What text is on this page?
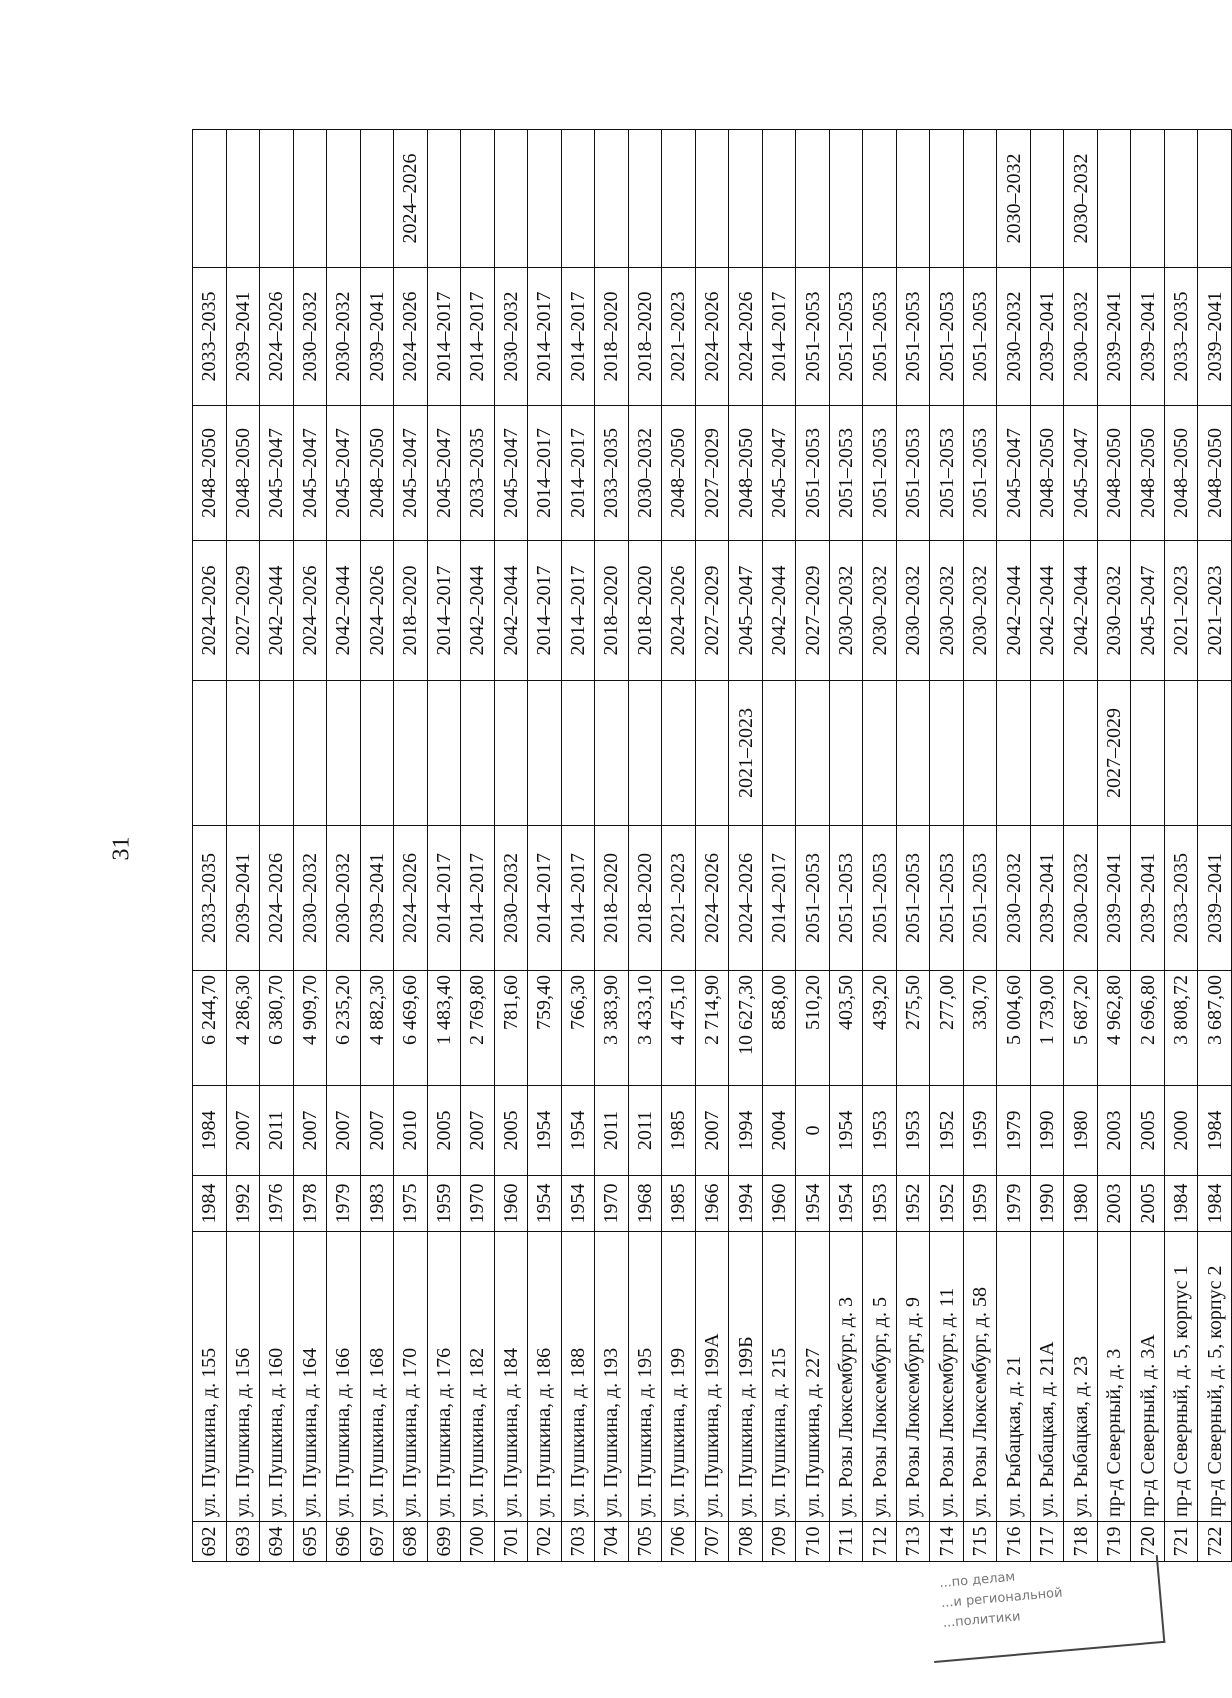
31
692	ул. Пушкина, д. 155	1984	1984	6 244,70	2033–2035		2024–2026	2048–2050	2033–2035	
693	ул. Пушкина, д. 156	1992	2007	4 286,30	2039–2041		2027–2029	2048–2050	2039–2041	
694	ул. Пушкина, д. 160	1976	2011	6 380,70	2024–2026		2042–2044	2045–2047	2024–2026	
695	ул. Пушкина, д. 164	1978	2007	4 909,70	2030–2032		2024–2026	2045–2047	2030–2032	
696	ул. Пушкина, д. 166	1979	2007	6 235,20	2030–2032		2042–2044	2045–2047	2030–2032	
697	ул. Пушкина, д. 168	1983	2007	4 882,30	2039–2041		2024–2026	2048–2050	2039–2041	
698	ул. Пушкина, д. 170	1975	2010	6 469,60	2024–2026		2018–2020	2045–2047	2024–2026	2024–2026
699	ул. Пушкина, д. 176	1959	2005	1 483,40	2014–2017		2014–2017	2045–2047	2014–2017	
700	ул. Пушкина, д. 182	1970	2007	2 769,80	2014–2017		2042–2044	2033–2035	2014–2017	
701	ул. Пушкина, д. 184	1960	2005	781,60	2030–2032		2042–2044	2045–2047	2030–2032	
702	ул. Пушкина, д. 186	1954	1954	759,40	2014–2017		2014–2017	2014–2017	2014–2017	
703	ул. Пушкина, д. 188	1954	1954	766,30	2014–2017		2014–2017	2014–2017	2014–2017	
704	ул. Пушкина, д. 193	1970	2011	3 383,90	2018–2020		2018–2020	2033–2035	2018–2020	
705	ул. Пушкина, д. 195	1968	2011	3 433,10	2018–2020		2018–2020	2030–2032	2018–2020	
706	ул. Пушкина, д. 199	1985	1985	4 475,10	2021–2023		2024–2026	2048–2050	2021–2023	
707	ул. Пушкина, д. 199А	1966	2007	2 714,90	2024–2026		2027–2029	2027–2029	2024–2026	
708	ул. Пушкина, д. 199Б	1994	1994	10 627,30	2024–2026	2021–2023	2045–2047	2048–2050	2024–2026	
709	ул. Пушкина, д. 215	1960	2004	858,00	2014–2017		2042–2044	2045–2047	2014–2017	
710	ул. Пушкина, д. 227	1954	0	510,20	2051–2053		2027–2029	2051–2053	2051–2053	
711	ул. Розы Люксембург, д. 3	1954	1954	403,50	2051–2053		2030–2032	2051–2053	2051–2053	
712	ул. Розы Люксембург, д. 5	1953	1953	439,20	2051–2053		2030–2032	2051–2053	2051–2053	
713	ул. Розы Люксембург, д. 9	1952	1953	275,50	2051–2053		2030–2032	2051–2053	2051–2053	
714	ул. Розы Люксембург, д. 11	1952	1952	277,00	2051–2053		2030–2032	2051–2053	2051–2053	
715	ул. Розы Люксембург, д. 58	1959	1959	330,70	2051–2053		2030–2032	2051–2053	2051–2053	
716	ул. Рыбацкая, д. 21	1979	1979	5 004,60	2030–2032		2042–2044	2045–2047	2030–2032	2030–2032
717	ул. Рыбацкая, д. 21А	1990	1990	1 739,00	2039–2041		2042–2044	2048–2050	2039–2041	
718	ул. Рыбацкая, д. 23	1980	1980	5 687,20	2030–2032		2042–2044	2045–2047	2030–2032	2030–2032
719	пр-д Северный, д. 3	2003	2003	4 962,80	2039–2041	2027–2029	2030–2032	2048–2050	2039–2041	
720	пр-д Северный, д. 3А	2005	2005	2 696,80	2039–2041		2045–2047	2048–2050	2039–2041	
721	пр-д Северный, д. 5, корпус 1	1984	2000	3 808,72	2033–2035		2021–2023	2048–2050	2033–2035	
722	пр-д Северный, д. 5, корпус 2	1984	1984	3 687,00	2039–2041		2021–2023	2048–2050	2039–2041	
...по делам
...и региональной
...политики
